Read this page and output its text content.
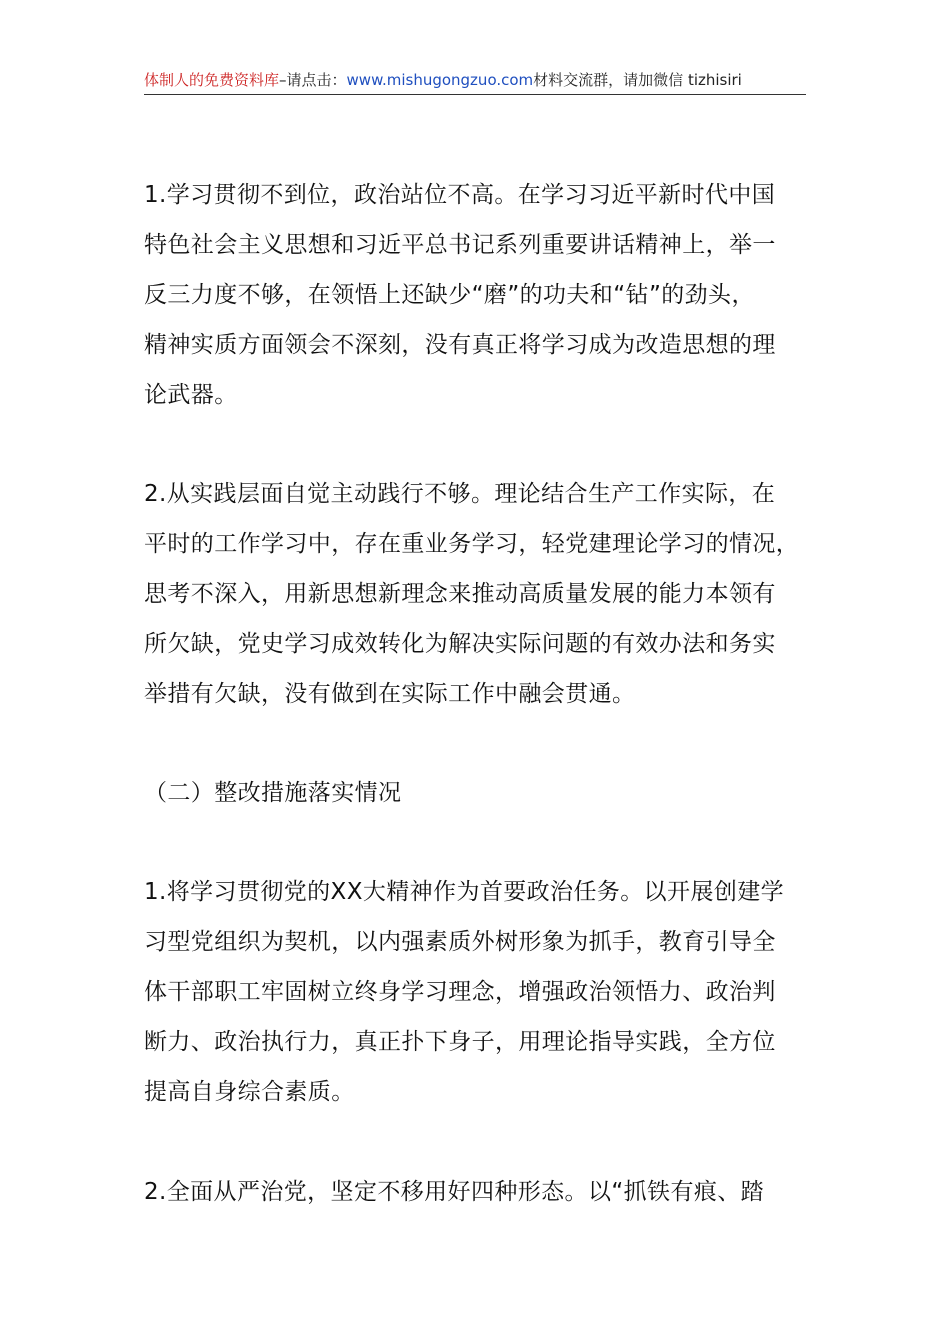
体制人的免费资料库–请点击：www.mishugongzuo.com材料交流群，请加微信 tizhisiri
1.学习贯彻不到位，政治站位不高。在学习习近平新时代中国
特色社会主义思想和习近平总书记系列重要讲话精神上，举一
反三力度不够，在领悟上还缺少“磨”的功夫和“钻”的劲头，
精神实质方面领会不深刻，没有真正将学习成为改造思想的理
论武器。
2.从实践层面自觉主动践行不够。理论结合生产工作实际，在
平时的工作学习中，存在重业务学习，轻党建理论学习的情况，
思考不深入，用新思想新理念来推动高质量发展的能力本领有
所欠缺，党史学习成效转化为解决实际问题的有效办法和务实
举措有欠缺，没有做到在实际工作中融会贯通。
（二）整改措施落实情况
1.将学习贯彻党的XX大精神作为首要政治任务。以开展创建学
习型党组织为契机，以内强素质外树形象为抓手，教育引导全
体干部职工牢固树立终身学习理念，增强政治领悟力、政治判
断力、政治执行力，真正扑下身子，用理论指导实践，全方位
提高自身综合素质。
2.全面从严治党，坚定不移用好四种形态。以“抓铁有痕、踏
